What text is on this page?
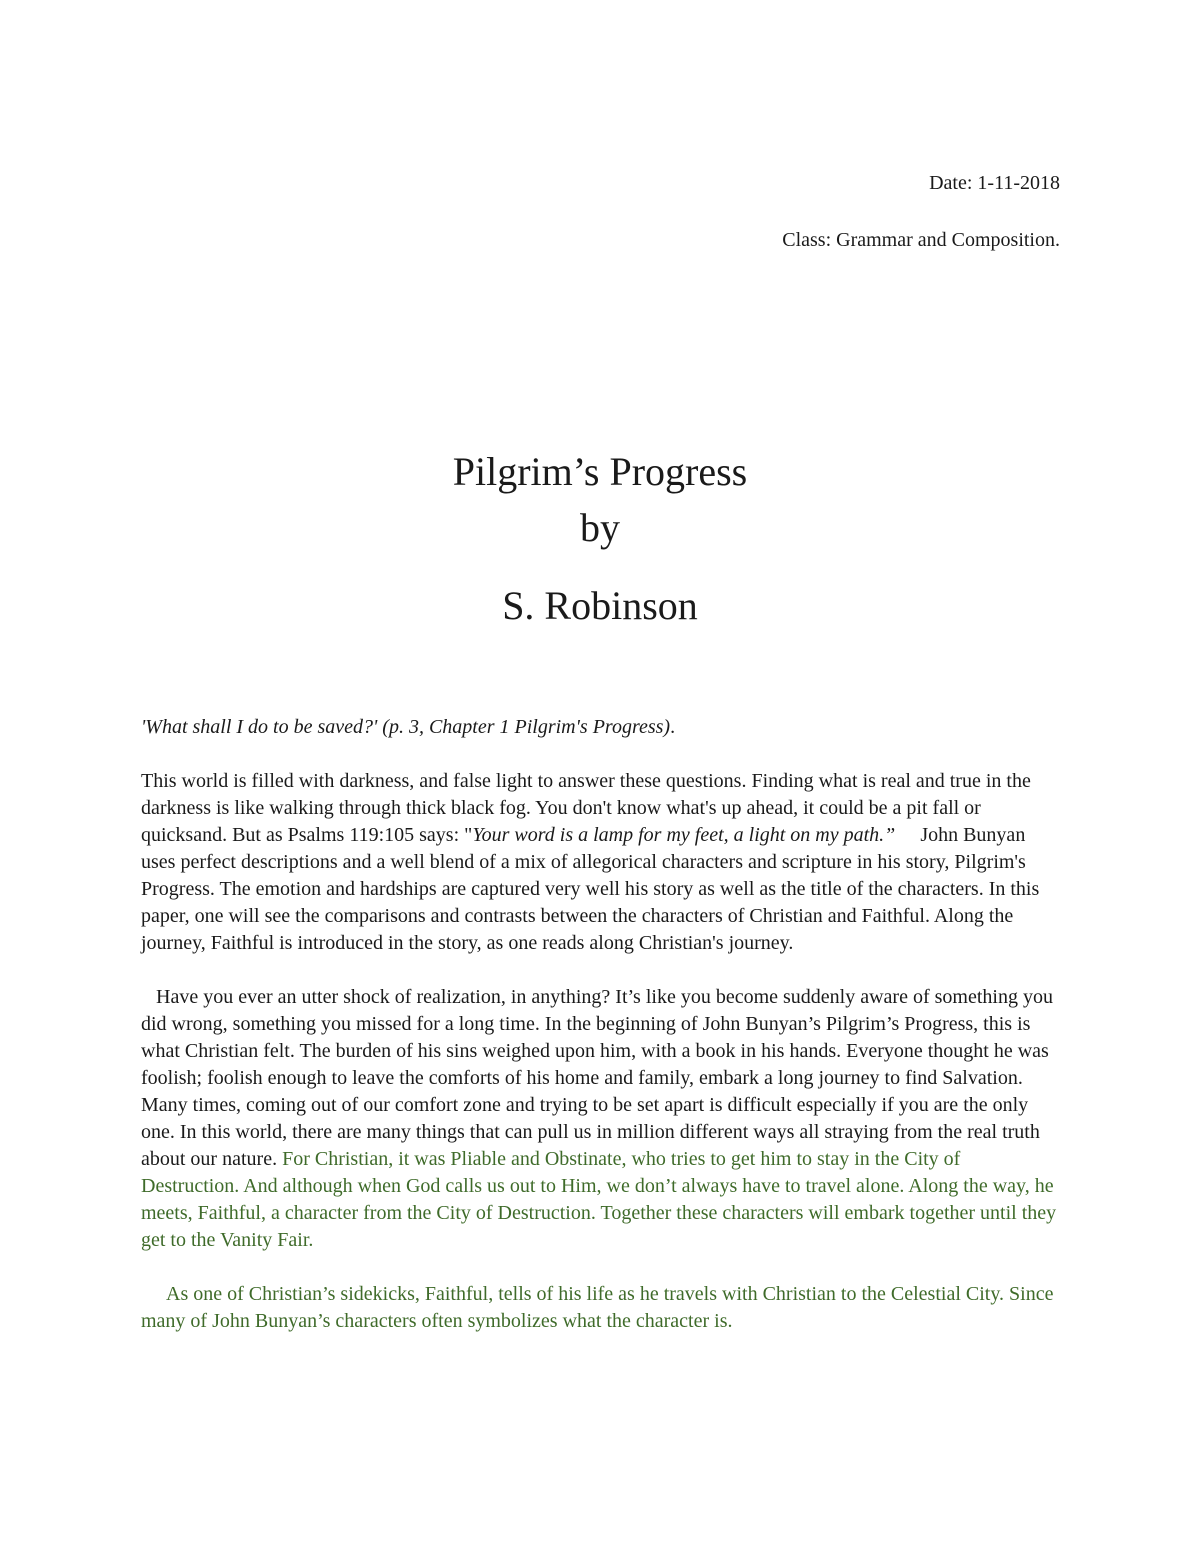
Date: 1-11-2018
Class: Grammar and Composition.
Pilgrim’s Progress
by
S. Robinson

'What shall I do to be saved?' (p. 3, Chapter 1 Pilgrim's Progress).

This world is filled with darkness, and false light to answer these questions. Finding what is real and true in the darkness is like walking through thick black fog. You don't know what's up ahead, it could be a pit fall or quicksand. But as Psalms 119:105 says: "Your word is a lamp for my feet, a light on my path.”     John Bunyan uses perfect descriptions and a well blend of a mix of allegorical characters and scripture in his story, Pilgrim's Progress. The emotion and hardships are captured very well his story as well as the title of the characters. In this paper, one will see the comparisons and contrasts between the characters of Christian and Faithful. Along the journey, Faithful is introduced in the story, as one reads along Christian's journey.

Have you ever an utter shock of realization, in anything? It’s like you become suddenly aware of something you did wrong, something you missed for a long time. In the beginning of John Bunyan’s Pilgrim’s Progress, this is what Christian felt. The burden of his sins weighed upon him, with a book in his hands. Everyone thought he was foolish; foolish enough to leave the comforts of his home and family, embark a long journey to find Salvation. Many times, coming out of our comfort zone and trying to be set apart is difficult especially if you are the only one. In this world, there are many things that can pull us in million different ways all straying from the real truth about our nature. For Christian, it was Pliable and Obstinate, who tries to get him to stay in the City of Destruction. And although when God calls us out to Him, we don’t always have to travel alone. Along the way, he meets, Faithful, a character from the City of Destruction. Together these characters will embark together until they get to the Vanity Fair.

As one of Christian’s sidekicks, Faithful, tells of his life as he travels with Christian to the Celestial City. Since many of John Bunyan’s characters often symbolizes what the character is.
